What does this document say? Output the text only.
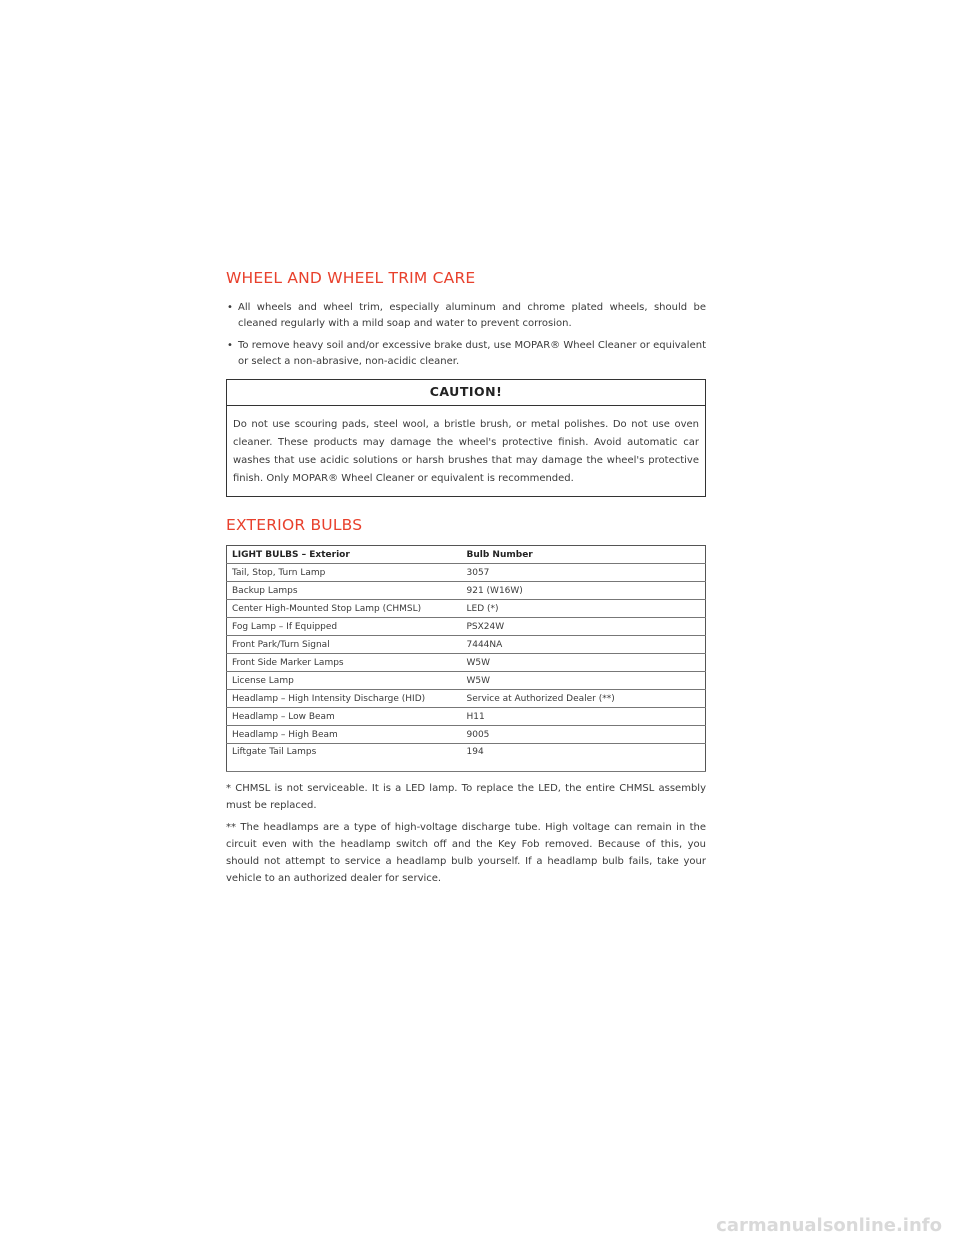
WHEEL AND WHEEL TRIM CARE
• All wheels and wheel trim, especially aluminum and chrome plated wheels, should be cleaned regularly with a mild soap and water to prevent corrosion.
• To remove heavy soil and/or excessive brake dust, use MOPAR® Wheel Cleaner or equivalent or select a non-abrasive, non-acidic cleaner.
CAUTION!

Do not use scouring pads, steel wool, a bristle brush, or metal polishes. Do not use oven cleaner. These products may damage the wheel's protective finish. Avoid automatic car washes that use acidic solutions or harsh brushes that may damage the wheel's protective finish. Only MOPAR® Wheel Cleaner or equivalent is recommended.

EXTERIOR BULBS
LIGHT BULBS – Exterior	Bulb Number
Tail, Stop, Turn Lamp	3057
Backup Lamps	921 (W16W)
Center High-Mounted Stop Lamp (CHMSL)	LED (*)
Fog Lamp – If Equipped	PSX24W
Front Park/Turn Signal	7444NA
Front Side Marker Lamps	W5W
License Lamp	W5W
Headlamp – High Intensity Discharge (HID)	Service at Authorized Dealer (**)
Headlamp – Low Beam	H11
Headlamp – High Beam	9005
Liftgate Tail Lamps	194

* CHMSL is not serviceable. It is a LED lamp. To replace the LED, the entire CHMSL assembly must be replaced.

** The headlamps are a type of high-voltage discharge tube. High voltage can remain in the circuit even with the headlamp switch off and the Key Fob removed. Because of this, you should not attempt to service a headlamp bulb yourself. If a headlamp bulb fails, take your vehicle to an authorized dealer for service.

carmanualsonline.info
